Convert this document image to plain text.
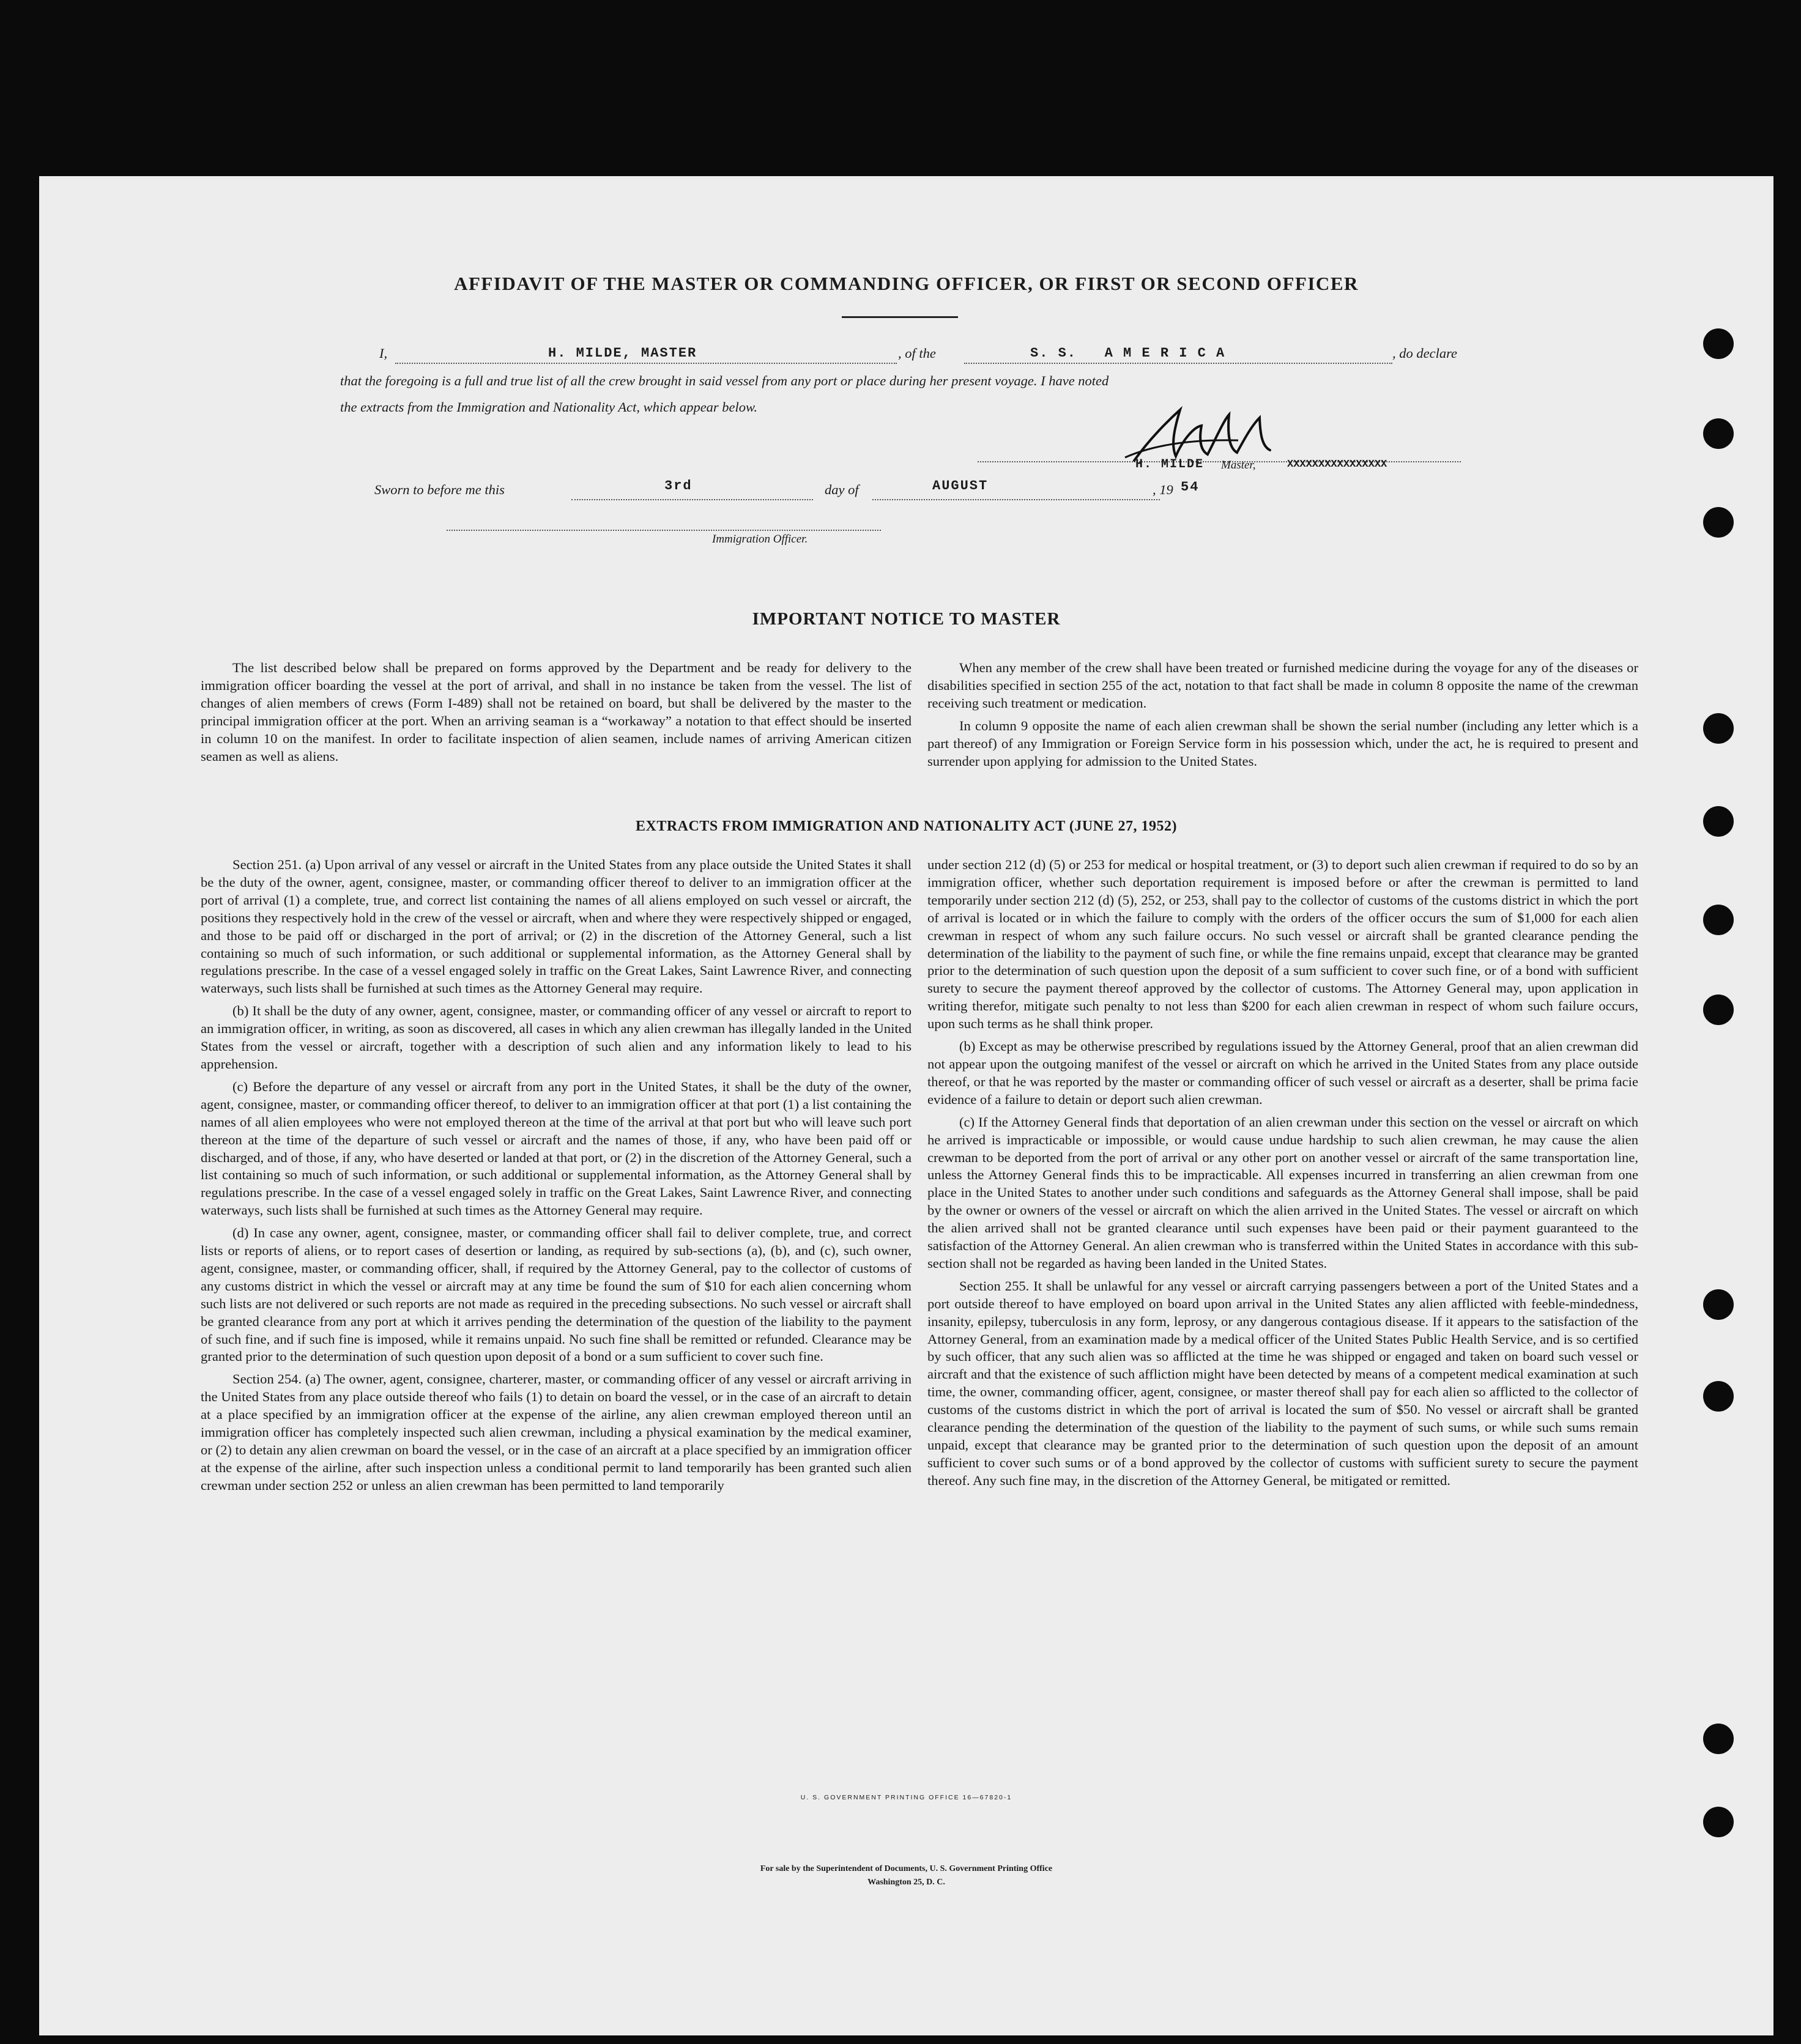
AFFIDAVIT OF THE MASTER OR COMMANDING OFFICER, OR FIRST OR SECOND OFFICER
I,	H. MILDE, MASTER	, of the	S. S.   A M E R I C A	, do declare
that the foregoing is a full and true list of all the crew brought in said vessel from any port or place during her present voyage. I have noted
the extracts from the Immigration and Nationality Act, which appear below.
H. MILDE Master,	XXXXXXXXXXXXXXXX
Sworn to before me this	3rd	day of	AUGUST	, 19 54
Immigration Officer.
IMPORTANT NOTICE TO MASTER

The list described below shall be prepared on forms approved by the Department and be ready for delivery to the immigration officer boarding the vessel at the port of arrival, and shall in no instance be taken from the vessel. The list of changes of alien members of crews (Form I-489) shall not be retained on board, but shall be delivered by the master to the principal immigration officer at the port. When an arriving seaman is a “workaway” a notation to that effect should be inserted in column 10 on the manifest. In order to facilitate inspection of alien seamen, include names of arriving American citizen seamen as well as aliens.

When any member of the crew shall have been treated or furnished medicine during the voyage for any of the diseases or disabilities specified in section 255 of the act, notation to that fact shall be made in column 8 opposite the name of the crewman receiving such treatment or medication.

In column 9 opposite the name of each alien crewman shall be shown the serial number (including any letter which is a part thereof) of any Immigration or Foreign Service form in his possession which, under the act, he is required to present and surrender upon applying for admission to the United States.

EXTRACTS FROM IMMIGRATION AND NATIONALITY ACT (JUNE 27, 1952)

Section 251. (a) Upon arrival of any vessel or aircraft in the United States from any place outside the United States it shall be the duty of the owner, agent, consignee, master, or commanding officer thereof to deliver to an immigration officer at the port of arrival (1) a complete, true, and correct list containing the names of all aliens employed on such vessel or aircraft, the positions they respectively hold in the crew of the vessel or aircraft, when and where they were respectively shipped or engaged, and those to be paid off or discharged in the port of arrival; or (2) in the discretion of the Attorney General, such a list containing so much of such information, or such additional or supplemental information, as the Attorney General shall by regulations prescribe. In the case of a vessel engaged solely in traffic on the Great Lakes, Saint Lawrence River, and connecting waterways, such lists shall be furnished at such times as the Attorney General may require.

(b) It shall be the duty of any owner, agent, consignee, master, or commanding officer of any vessel or aircraft to report to an immigration officer, in writing, as soon as discovered, all cases in which any alien crewman has illegally landed in the United States from the vessel or aircraft, together with a description of such alien and any information likely to lead to his apprehension.

(c) Before the departure of any vessel or aircraft from any port in the United States, it shall be the duty of the owner, agent, consignee, master, or commanding officer thereof, to deliver to an immigration officer at that port (1) a list containing the names of all alien employees who were not employed thereon at the time of the arrival at that port but who will leave such port thereon at the time of the departure of such vessel or aircraft and the names of those, if any, who have been paid off or discharged, and of those, if any, who have deserted or landed at that port, or (2) in the discretion of the Attorney General, such a list containing so much of such information, or such additional or supplemental information, as the Attorney General shall by regulations prescribe. In the case of a vessel engaged solely in traffic on the Great Lakes, Saint Lawrence River, and connecting waterways, such lists shall be furnished at such times as the Attorney General may require.

(d) In case any owner, agent, consignee, master, or commanding officer shall fail to deliver complete, true, and correct lists or reports of aliens, or to report cases of desertion or landing, as required by sub-sections (a), (b), and (c), such owner, agent, consignee, master, or commanding officer, shall, if required by the Attorney General, pay to the collector of customs of any customs district in which the vessel or aircraft may at any time be found the sum of $10 for each alien concerning whom such lists are not delivered or such reports are not made as required in the preceding subsections. No such vessel or aircraft shall be granted clearance from any port at which it arrives pending the determination of the question of the liability to the payment of such fine, and if such fine is imposed, while it remains unpaid. No such fine shall be remitted or refunded. Clearance may be granted prior to the determination of such question upon deposit of a bond or a sum sufficient to cover such fine.

Section 254. (a) The owner, agent, consignee, charterer, master, or commanding officer of any vessel or aircraft arriving in the United States from any place outside thereof who fails (1) to detain on board the vessel, or in the case of an aircraft to detain at a place specified by an immigration officer at the expense of the airline, any alien crewman employed thereon until an immigration officer has completely inspected such alien crewman, including a physical examination by the medical examiner, or (2) to detain any alien crewman on board the vessel, or in the case of an aircraft at a place specified by an immigration officer at the expense of the airline, after such inspection unless a conditional permit to land temporarily has been granted such alien crewman under section 252 or unless an alien crewman has been permitted to land temporarily

under section 212 (d) (5) or 253 for medical or hospital treatment, or (3) to deport such alien crewman if required to do so by an immigration officer, whether such deportation requirement is imposed before or after the crewman is permitted to land temporarily under section 212 (d) (5), 252, or 253, shall pay to the collector of customs of the customs district in which the port of arrival is located or in which the failure to comply with the orders of the officer occurs the sum of $1,000 for each alien crewman in respect of whom any such failure occurs. No such vessel or aircraft shall be granted clearance pending the determination of the liability to the payment of such fine, or while the fine remains unpaid, except that clearance may be granted prior to the determination of such question upon the deposit of a sum sufficient to cover such fine, or of a bond with sufficient surety to secure the payment thereof approved by the collector of customs. The Attorney General may, upon application in writing therefor, mitigate such penalty to not less than $200 for each alien crewman in respect of whom such failure occurs, upon such terms as he shall think proper.

(b) Except as may be otherwise prescribed by regulations issued by the Attorney General, proof that an alien crewman did not appear upon the outgoing manifest of the vessel or aircraft on which he arrived in the United States from any place outside thereof, or that he was reported by the master or commanding officer of such vessel or aircraft as a deserter, shall be prima facie evidence of a failure to detain or deport such alien crewman.

(c) If the Attorney General finds that deportation of an alien crewman under this section on the vessel or aircraft on which he arrived is impracticable or impossible, or would cause undue hardship to such alien crewman, he may cause the alien crewman to be deported from the port of arrival or any other port on another vessel or aircraft of the same transportation line, unless the Attorney General finds this to be impracticable. All expenses incurred in transferring an alien crewman from one place in the United States to another under such conditions and safeguards as the Attorney General shall impose, shall be paid by the owner or owners of the vessel or aircraft on which the alien arrived in the United States. The vessel or aircraft on which the alien arrived shall not be granted clearance until such expenses have been paid or their payment guaranteed to the satisfaction of the Attorney General. An alien crewman who is transferred within the United States in accordance with this sub-section shall not be regarded as having been landed in the United States.

Section 255. It shall be unlawful for any vessel or aircraft carrying passengers between a port of the United States and a port outside thereof to have employed on board upon arrival in the United States any alien afflicted with feeble-mindedness, insanity, epilepsy, tuberculosis in any form, leprosy, or any dangerous contagious disease. If it appears to the satisfaction of the Attorney General, from an examination made by a medical officer of the United States Public Health Service, and is so certified by such officer, that any such alien was so afflicted at the time he was shipped or engaged and taken on board such vessel or aircraft and that the existence of such affliction might have been detected by means of a competent medical examination at such time, the owner, commanding officer, agent, consignee, or master thereof shall pay for each alien so afflicted to the collector of customs of the customs district in which the port of arrival is located the sum of $50. No vessel or aircraft shall be granted clearance pending the determination of the question of the liability to the payment of such sums, or while such sums remain unpaid, except that clearance may be granted prior to the determination of such question upon the deposit of an amount sufficient to cover such sums or of a bond approved by the collector of customs with sufficient surety to secure the payment thereof. Any such fine may, in the discretion of the Attorney General, be mitigated or remitted.

U. S. GOVERNMENT PRINTING OFFICE 16—67820-1
For sale by the Superintendent of Documents, U. S. Government Printing Office
Washington 25, D. C.
